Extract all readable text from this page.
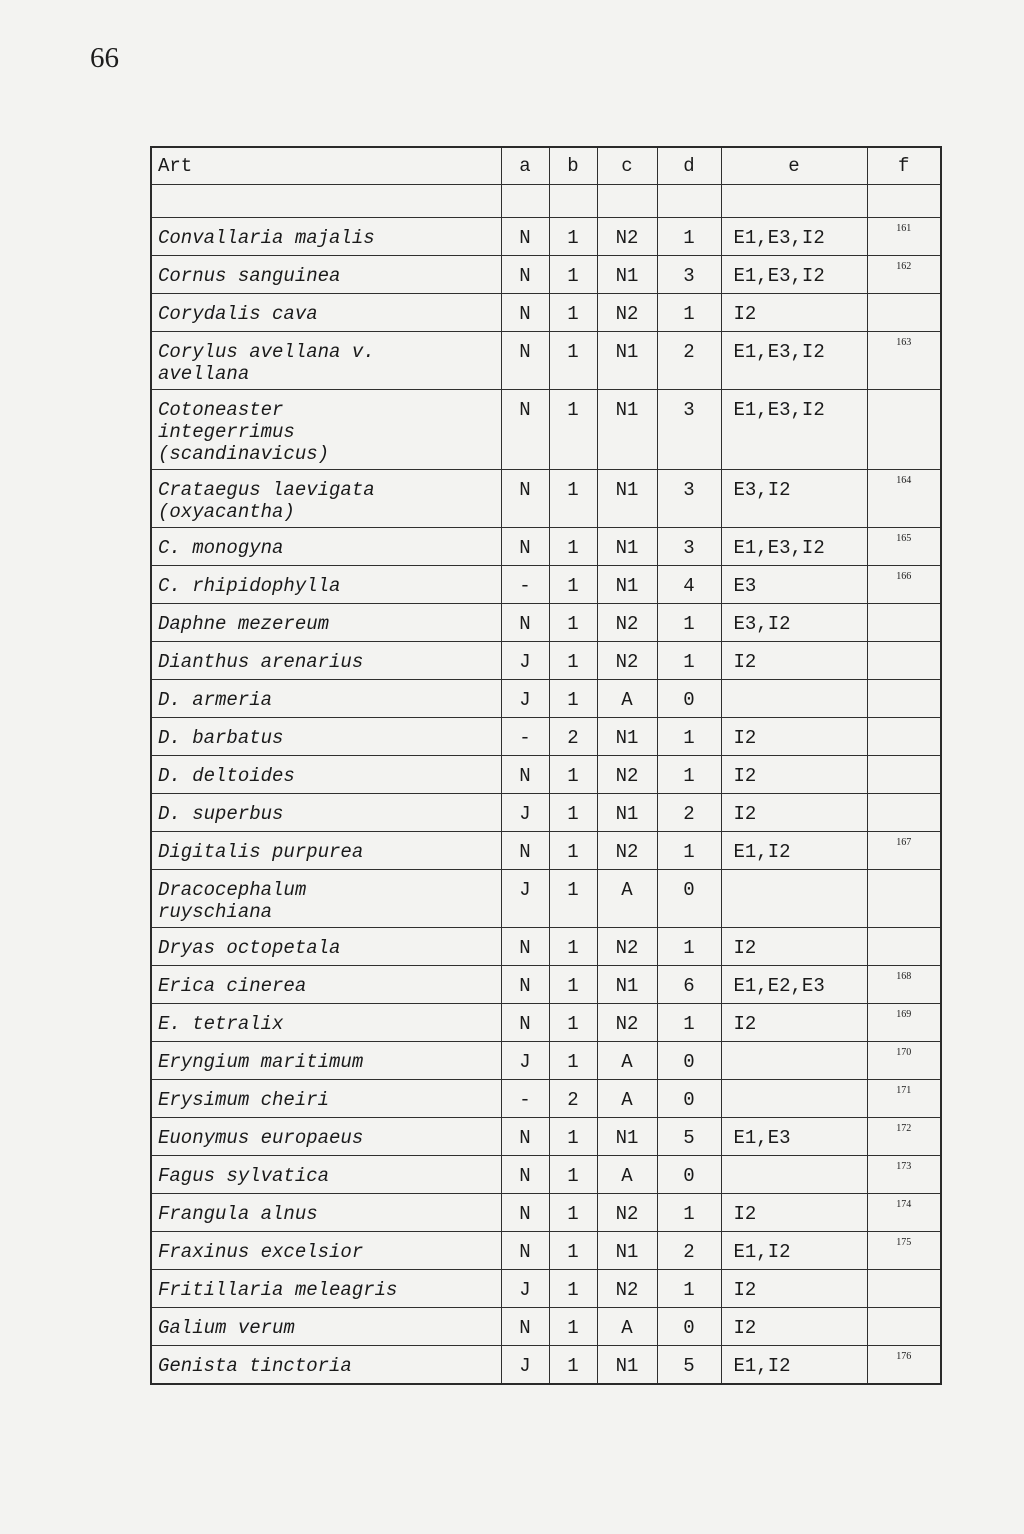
66
Art	a	b	c	d	e	f

Convallaria majalis	N	1	N2	1	E1,E3,I2	161
Cornus sanguinea	N	1	N1	3	E1,E3,I2	162
Corydalis cava	N	1	N2	1	I2	
Corylus avellana v.
avellana	N	1	N1	2	E1,E3,I2	163
Cotoneaster
integerrimus
(scandinavicus)	N	1	N1	3	E1,E3,I2	
Crataegus laevigata
(oxyacantha)	N	1	N1	3	E3,I2	164
C. monogyna	N	1	N1	3	E1,E3,I2	165
C. rhipidophylla	-	1	N1	4	E3	166
Daphne mezereum	N	1	N2	1	E3,I2	
Dianthus arenarius	J	1	N2	1	I2	
D. armeria	J	1	A	0		
D. barbatus	-	2	N1	1	I2	
D. deltoides	N	1	N2	1	I2	
D. superbus	J	1	N1	2	I2	
Digitalis purpurea	N	1	N2	1	E1,I2	167
Dracocephalum
ruyschiana	J	1	A	0		
Dryas octopetala	N	1	N2	1	I2	
Erica cinerea	N	1	N1	6	E1,E2,E3	168
E. tetralix	N	1	N2	1	I2	169
Eryngium maritimum	J	1	A	0		170
Erysimum cheiri	-	2	A	0		171
Euonymus europaeus	N	1	N1	5	E1,E3	172
Fagus sylvatica	N	1	A	0		173
Frangula alnus	N	1	N2	1	I2	174
Fraxinus excelsior	N	1	N1	2	E1,I2	175
Fritillaria meleagris	J	1	N2	1	I2	
Galium verum	N	1	A	0	I2	
Genista tinctoria	J	1	N1	5	E1,I2	176
